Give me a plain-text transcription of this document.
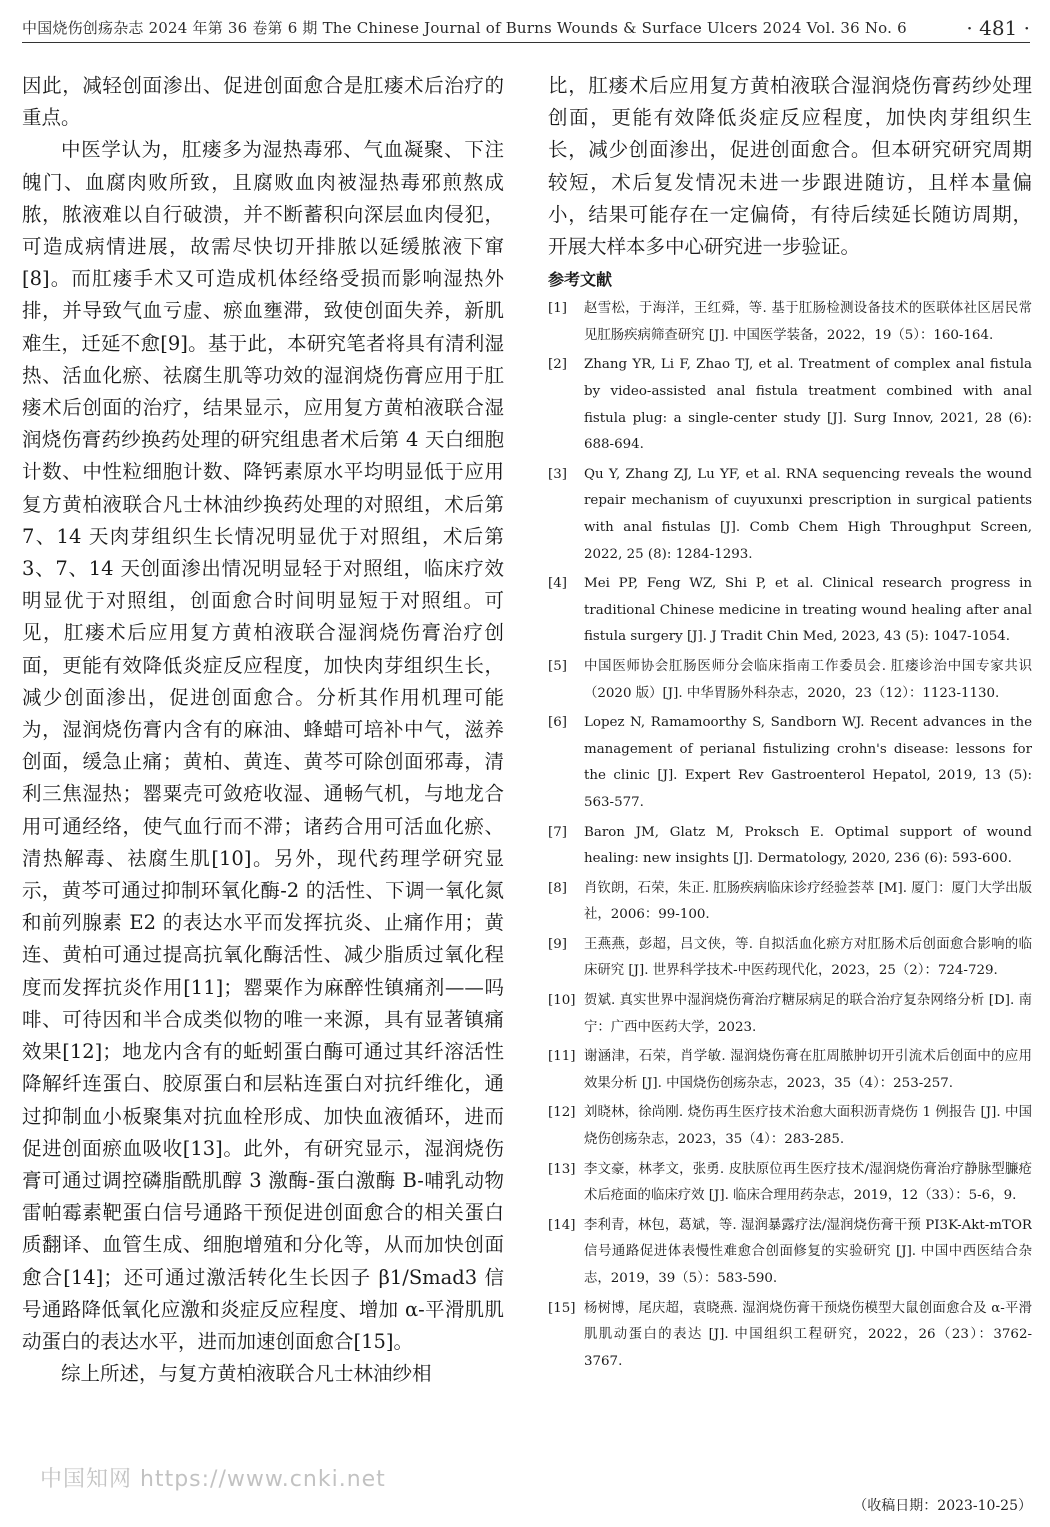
中国烧伤创疡杂志 2024 年第 36 卷第 6 期 The Chinese Journal of Burns Wounds & Surface Ulcers 2024 Vol. 36 No. 6	· 481 ·

因此，减轻创面渗出、促进创面愈合是肛瘘术后治疗的重点。

中医学认为，肛瘘多为湿热毒邪、气血凝聚、下注魄门、血腐肉败所致，且腐败血肉被湿热毒邪煎熬成脓，脓液难以自行破溃，并不断蓄积向深层血肉侵犯，可造成病情进展，故需尽快切开排脓以延缓脓液下窜[8]。而肛瘘手术又可造成机体经络受损而影响湿热外排，并导致气血亏虚、瘀血壅滞，致使创面失养，新肌难生，迁延不愈[9]。基于此，本研究笔者将具有清利湿热、活血化瘀、祛腐生肌等功效的湿润烧伤膏应用于肛瘘术后创面的治疗，结果显示，应用复方黄柏液联合湿润烧伤膏药纱换药处理的研究组患者术后第 4 天白细胞计数、中性粒细胞计数、降钙素原水平均明显低于应用复方黄柏液联合凡士林油纱换药处理的对照组，术后第 7、14 天肉芽组织生长情况明显优于对照组，术后第 3、7、14 天创面渗出情况明显轻于对照组，临床疗效明显优于对照组，创面愈合时间明显短于对照组。可见，肛瘘术后应用复方黄柏液联合湿润烧伤膏治疗创面，更能有效降低炎症反应程度，加快肉芽组织生长，减少创面渗出，促进创面愈合。分析其作用机理可能为，湿润烧伤膏内含有的麻油、蜂蜡可培补中气，滋养创面，缓急止痛；黄柏、黄连、黄芩可除创面邪毒，清利三焦湿热；罂粟壳可敛疮收湿、通畅气机，与地龙合用可通经络，使气血行而不滞；诸药合用可活血化瘀、清热解毒、祛腐生肌[10]。另外，现代药理学研究显示，黄芩可通过抑制环氧化酶-2 的活性、下调一氧化氮和前列腺素 E2 的表达水平而发挥抗炎、止痛作用；黄连、黄柏可通过提高抗氧化酶活性、减少脂质过氧化程度而发挥抗炎作用[11]；罂粟作为麻醉性镇痛剂——吗啡、可待因和半合成类似物的唯一来源，具有显著镇痛效果[12]；地龙内含有的蚯蚓蛋白酶可通过其纤溶活性降解纤连蛋白、胶原蛋白和层粘连蛋白对抗纤维化，通过抑制血小板聚集对抗血栓形成、加快血液循环，进而促进创面瘀血吸收[13]。此外，有研究显示，湿润烧伤膏可通过调控磷脂酰肌醇 3 激酶-蛋白激酶 B-哺乳动物雷帕霉素靶蛋白信号通路干预促进创面愈合的相关蛋白质翻译、血管生成、细胞增殖和分化等，从而加快创面愈合[14]；还可通过激活转化生长因子 β1/Smad3 信号通路降低氧化应激和炎症反应程度、增加 α-平滑肌肌动蛋白的表达水平，进而加速创面愈合[15]。

综上所述，与复方黄柏液联合凡士林油纱相

比，肛瘘术后应用复方黄柏液联合湿润烧伤膏药纱处理创面，更能有效降低炎症反应程度，加快肉芽组织生长，减少创面渗出，促进创面愈合。但本研究研究周期较短，术后复发情况未进一步跟进随访，且样本量偏小，结果可能存在一定偏倚，有待后续延长随访周期，开展大样本多中心研究进一步验证。

参考文献
[1] 赵雪松，于海洋，王红舜，等. 基于肛肠检测设备技术的医联体社区居民常见肛肠疾病筛查研究 [J]. 中国医学装备，2022，19（5）：160-164.
[2] Zhang YR, Li F, Zhao TJ, et al. Treatment of complex anal fistula by video-assisted anal fistula treatment combined with anal fistula plug: a single-center study [J]. Surg Innov, 2021, 28 (6): 688-694.
[3] Qu Y, Zhang ZJ, Lu YF, et al. RNA sequencing reveals the wound repair mechanism of cuyuxunxi prescription in surgical patients with anal fistulas [J]. Comb Chem High Throughput Screen, 2022, 25 (8): 1284-1293.
[4] Mei PP, Feng WZ, Shi P, et al. Clinical research progress in traditional Chinese medicine in treating wound healing after anal fistula surgery [J]. J Tradit Chin Med, 2023, 43 (5): 1047-1054.
[5] 中国医师协会肛肠医师分会临床指南工作委员会. 肛瘘诊治中国专家共识（2020 版）[J]. 中华胃肠外科杂志，2020，23（12）：1123-1130.
[6] Lopez N, Ramamoorthy S, Sandborn WJ. Recent advances in the management of perianal fistulizing crohn's disease: lessons for the clinic [J]. Expert Rev Gastroenterol Hepatol, 2019, 13 (5): 563-577.
[7] Baron JM, Glatz M, Proksch E. Optimal support of wound healing: new insights [J]. Dermatology, 2020, 236 (6): 593-600.
[8] 肖钦朗，石荣，朱正. 肛肠疾病临床诊疗经验荟萃 [M]. 厦门：厦门大学出版社，2006：99-100.
[9] 王燕燕，彭超，吕文侠，等. 自拟活血化瘀方对肛肠术后创面愈合影响的临床研究 [J]. 世界科学技术-中医药现代化，2023，25（2）：724-729.
[10] 贺斌. 真实世界中湿润烧伤膏治疗糖尿病足的联合治疗复杂网络分析 [D]. 南宁：广西中医药大学，2023.
[11] 谢涵津，石荣，肖学敏. 湿润烧伤膏在肛周脓肿切开引流术后创面中的应用效果分析 [J]. 中国烧伤创疡杂志，2023，35（4）：253-257.
[12] 刘晓林，徐尚刚. 烧伤再生医疗技术治愈大面积沥青烧伤 1 例报告 [J]. 中国烧伤创疡杂志，2023，35（4）：283-285.
[13] 李文豪，林孝文，张勇. 皮肤原位再生医疗技术/湿润烧伤膏治疗静脉型臁疮术后疮面的临床疗效 [J]. 临床合理用药杂志，2019，12（33）：5-6，9.
[14] 李利青，林包，葛斌，等. 湿润暴露疗法/湿润烧伤膏干预 PI3K-Akt-mTOR 信号通路促进体表慢性难愈合创面修复的实验研究 [J]. 中国中西医结合杂志，2019，39（5）：583-590.
[15] 杨树博，尾庆超，袁晓燕. 湿润烧伤膏干预烧伤模型大鼠创面愈合及 α-平滑肌肌动蛋白的表达 [J]. 中国组织工程研究，2022，26（23）：3762-3767.
中国知网 https://www.cnki.net
（收稿日期：2023-10-25）
